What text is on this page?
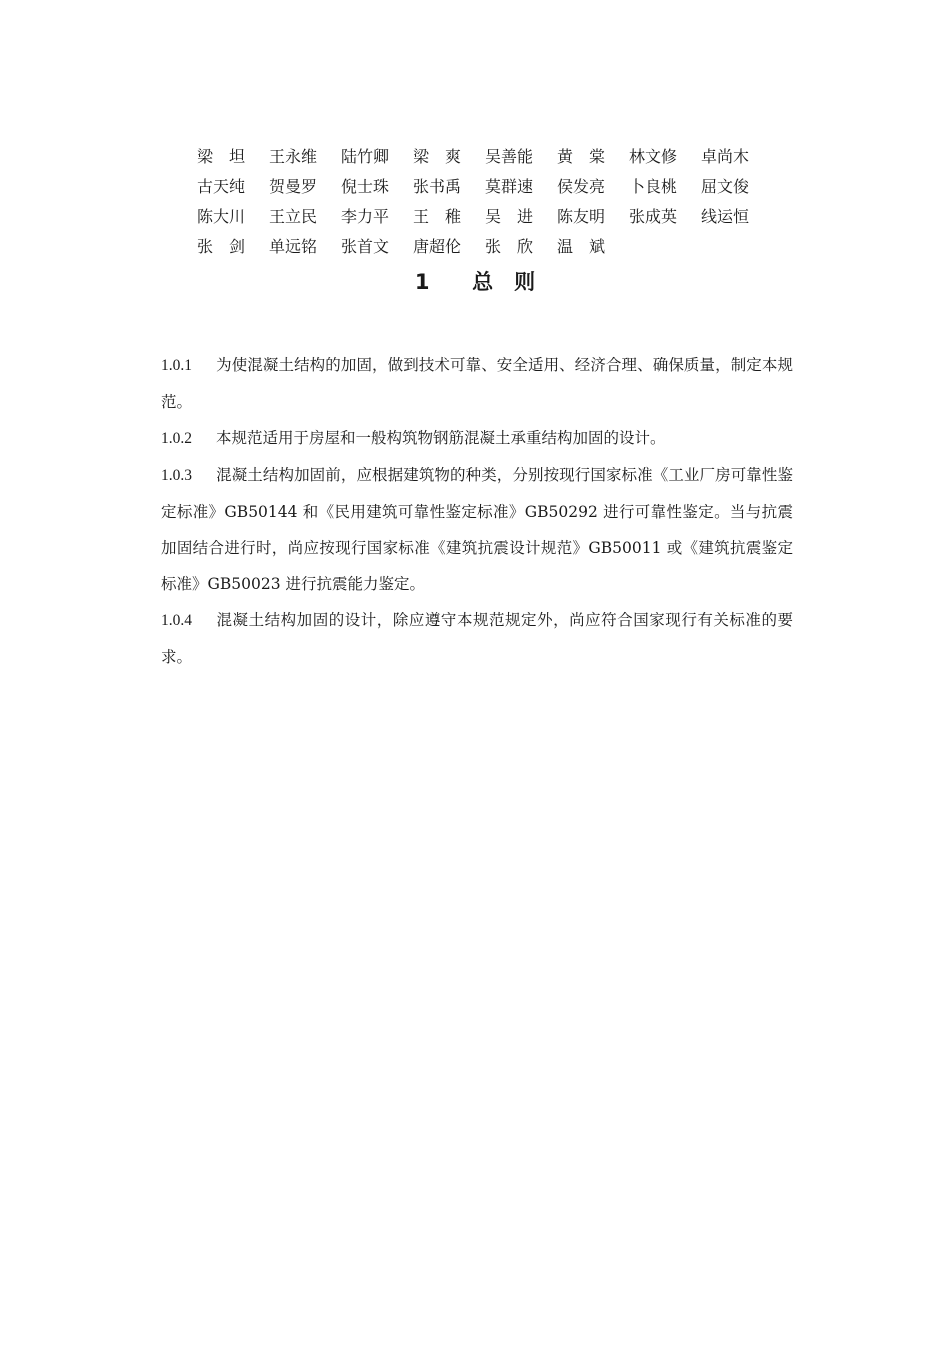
梁　坦	王永维	陆竹卿	梁　爽	吴善能	黄　棠	林文修	卓尚木
古天纯	贺曼罗	倪士珠	张书禹	莫群速	侯发亮	卜良桃	屈文俊
陈大川	王立民	李力平	王　稚	吴　进	陈友明	张成英	线运恒
张　剑	单远铭	张首文	唐超伦	张　欣	温　斌
1 总　则
1.0.1 为使混凝土结构的加固，做到技术可靠、安全适用、经济合理、确保质量，制定本规范。
1.0.2 本规范适用于房屋和一般构筑物钢筋混凝土承重结构加固的设计。
1.0.3 混凝土结构加固前，应根据建筑物的种类，分别按现行国家标准《工业厂房可靠性鉴定标准》GB50144 和《民用建筑可靠性鉴定标准》GB50292 进行可靠性鉴定。当与抗震加固结合进行时，尚应按现行国家标准《建筑抗震设计规范》GB50011 或《建筑抗震鉴定标准》GB50023 进行抗震能力鉴定。
1.0.4 混凝土结构加固的设计，除应遵守本规范规定外，尚应符合国家现行有关标准的要求。
